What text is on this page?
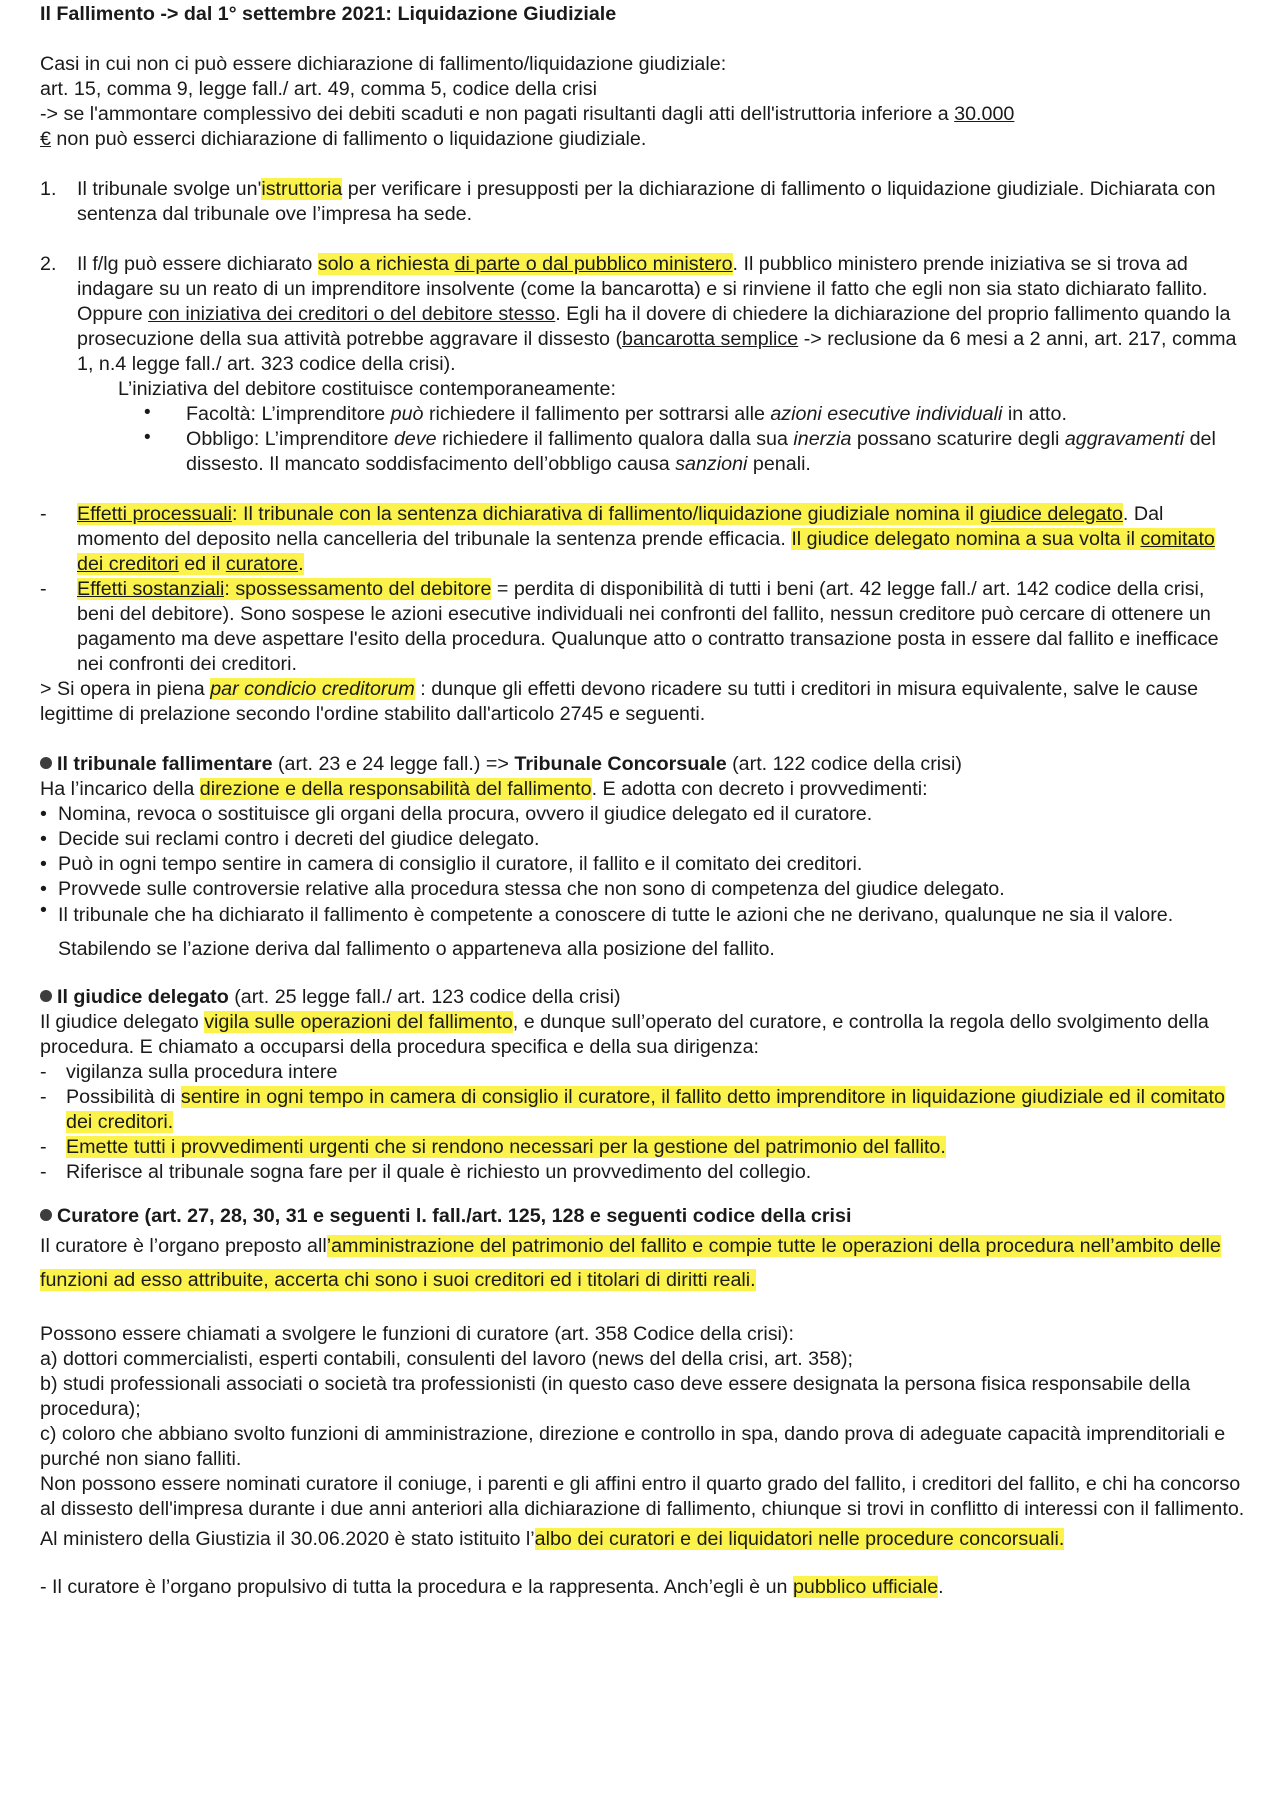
Il Fallimento -> dal 1° settembre 2021: Liquidazione Giudiziale

Casi in cui non ci può essere dichiarazione di fallimento/liquidazione giudiziale:

art. 15, comma 9, legge fall./ art. 49, comma 5, codice della crisi

-> se l'ammontare complessivo dei debiti scaduti e non pagati risultanti dagli atti dell'istruttoria inferiore a 30.000
€ non può esserci dichiarazione di fallimento o liquidazione giudiziale.

1. Il tribunale svolge un'istruttoria per verificare i presupposti per la dichiarazione di fallimento o liquidazione giudiziale. Dichiarata con sentenza dal tribunale ove l’impresa ha sede.

2. Il f/lg può essere dichiarato solo a richiesta di parte o dal pubblico ministero. Il pubblico ministero prende iniziativa se si trova ad indagare su un reato di un imprenditore insolvente (come la bancarotta) e si rinviene il fatto che egli non sia stato dichiarato fallito. Oppure con iniziativa dei creditori o del debitore stesso. Egli ha il dovere di chiedere la dichiarazione del proprio fallimento quando la prosecuzione della sua attività potrebbe aggravare il dissesto (bancarotta semplice -> reclusione da 6 mesi a 2 anni, art. 217, comma 1, n.4 legge fall./ art. 323 codice della crisi).

L’iniziativa del debitore costituisce contemporaneamente:

• Facoltà: L’imprenditore può richiedere il fallimento per sottrarsi alle azioni esecutive individuali in atto.

• Obbligo: L’imprenditore deve richiedere il fallimento qualora dalla sua inerzia possano scaturire degli aggravamenti del dissesto. Il mancato soddisfacimento dell’obbligo causa sanzioni penali.

- Effetti processuali: Il tribunale con la sentenza dichiarativa di fallimento/liquidazione giudiziale nomina il giudice delegato. Dal momento del deposito nella cancelleria del tribunale la sentenza prende efficacia. Il giudice delegato nomina a sua volta il comitato dei creditori ed il curatore.

- Effetti sostanziali: spossessamento del debitore = perdita di disponibilità di tutti i beni (art. 42 legge fall./ art. 142 codice della crisi, beni del debitore). Sono sospese le azioni esecutive individuali nei confronti del fallito, nessun creditore può cercare di ottenere un pagamento ma deve aspettare l'esito della procedura. Qualunque atto o contratto transazione posta in essere dal fallito e inefficace nei confronti dei creditori.

> Si opera in piena par condicio creditorum : dunque gli effetti devono ricadere su tutti i creditori in misura equivalente, salve le cause legittime di prelazione secondo l'ordine stabilito dall'articolo 2745 e seguenti.

Il tribunale fallimentare (art. 23 e 24 legge fall.) => Tribunale Concorsuale (art. 122 codice della crisi)

Ha l’incarico della direzione e della responsabilità del fallimento. E adotta con decreto i provvedimenti:

• Nomina, revoca o sostituisce gli organi della procura, ovvero il giudice delegato ed il curatore.

• Decide sui reclami contro i decreti del giudice delegato.

• Può in ogni tempo sentire in camera di consiglio il curatore, il fallito e il comitato dei creditori.

• Provvede sulle controversie relative alla procedura stessa che non sono di competenza del giudice delegato.

• Il tribunale che ha dichiarato il fallimento è competente a conoscere di tutte le azioni che ne derivano, qualunque ne sia il valore. Stabilendo se l’azione deriva dal fallimento o apparteneva alla posizione del fallito.

Il giudice delegato (art. 25 legge fall./ art. 123 codice della crisi)

Il giudice delegato vigila sulle operazioni del fallimento, e dunque sull’operato del curatore, e controlla la regola dello svolgimento della procedura. E chiamato a occuparsi della procedura specifica e della sua dirigenza:

- vigilanza sulla procedura intere

- Possibilità di sentire in ogni tempo in camera di consiglio il curatore, il fallito detto imprenditore in liquidazione giudiziale ed il comitato dei creditori.

- Emette tutti i provvedimenti urgenti che si rendono necessari per la gestione del patrimonio del fallito.

- Riferisce al tribunale sogna fare per il quale è richiesto un provvedimento del collegio.

Curatore (art. 27, 28, 30, 31 e seguenti l. fall./art. 125, 128 e seguenti codice della crisi

Il curatore è l’organo preposto all’amministrazione del patrimonio del fallito e compie tutte le operazioni della procedura nell’ambito delle funzioni ad esso attribuite, accerta chi sono i suoi creditori ed i titolari di diritti reali.

Possono essere chiamati a svolgere le funzioni di curatore (art. 358 Codice della crisi):

a) dottori commercialisti, esperti contabili, consulenti del lavoro (news del della crisi, art. 358);

b) studi professionali associati o società tra professionisti (in questo caso deve essere designata la persona fisica responsabile della procedura);

c) coloro che abbiano svolto funzioni di amministrazione, direzione e controllo in spa, dando prova di adeguate capacità imprenditoriali e purché non siano falliti.

Non possono essere nominati curatore il coniuge, i parenti e gli affini entro il quarto grado del fallito, i creditori del fallito, e chi ha concorso al dissesto dell'impresa durante i due anni anteriori alla dichiarazione di fallimento, chiunque si trovi in conflitto di interessi con il fallimento.

Al ministero della Giustizia il 30.06.2020 è stato istituito l’albo dei curatori e dei liquidatori nelle procedure concorsuali.

- Il curatore è l’organo propulsivo di tutta la procedura e la rappresenta. Anch’egli è un pubblico ufficiale.
